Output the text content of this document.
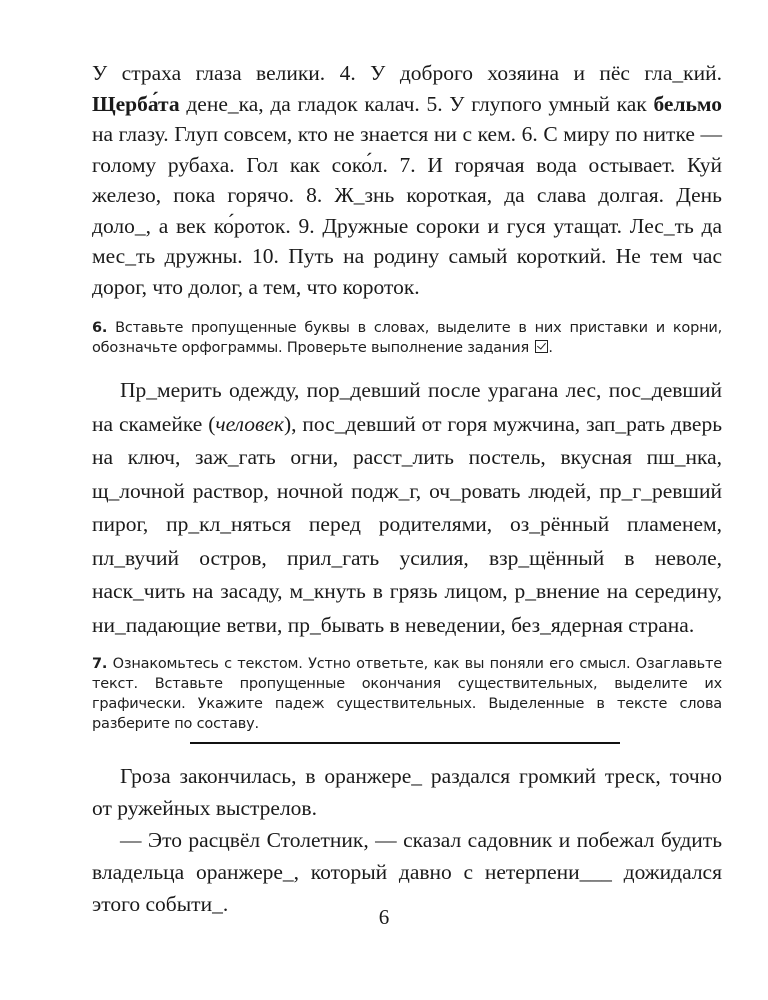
У страха глаза велики. 4. У доброго хозяина и пёс гла_кий. Щерба́та дене_ка, да гладок калач. 5. У глупого умный как бельмо на глазу. Глуп совсем, кто не знается ни с кем. 6. С миру по нитке — голому рубаха. Гол как соко́л. 7. И горячая вода остывает. Куй железо, пока горячо. 8. Ж_знь короткая, да слава долгая. День доло_, а век ко́роток. 9. Дружные сороки и гуся утащат. Лес_ть да мес_ть дружны. 10. Путь на родину самый короткий. Не тем час дорог, что долог, а тем, что короток.

6. Вставьте пропущенные буквы в словах, выделите в них приставки и корни, обозначьте орфограммы. Проверьте выполнение задания .

Пр_мерить одежду, пор_девший после урагана лес, пос_девший на скамейке (человек), пос_девший от горя мужчина, зап_рать дверь на ключ, заж_гать огни, расст_лить постель, вкусная пш_нка, щ_лочной раствор, ночной подж_г, оч_ровать людей, пр_г_ревший пирог, пр_кл_няться перед родителями, оз_рённый пламенем, пл_вучий остров, прил_гать усилия, взр_щённый в неволе, наск_чить на засаду, м_кнуть в грязь лицом, р_внение на середину, ни_падающие ветви, пр_бывать в неведении, без_ядерная страна.

7. Ознакомьтесь с текстом. Устно ответьте, как вы поняли его смысл. Озаглавьте текст. Вставьте пропущенные окончания существительных, выделите их графически. Укажите падеж существительных. Выделенные в тексте слова разберите по составу.

Гроза закончилась, в оранжере_ раздался громкий треск, точно от ружейных выстрелов.

— Это расцвёл Столетник, — сказал садовник и побежал будить владельца оранжере_, который давно с нетерпени___ дожидался этого событи_.

6
